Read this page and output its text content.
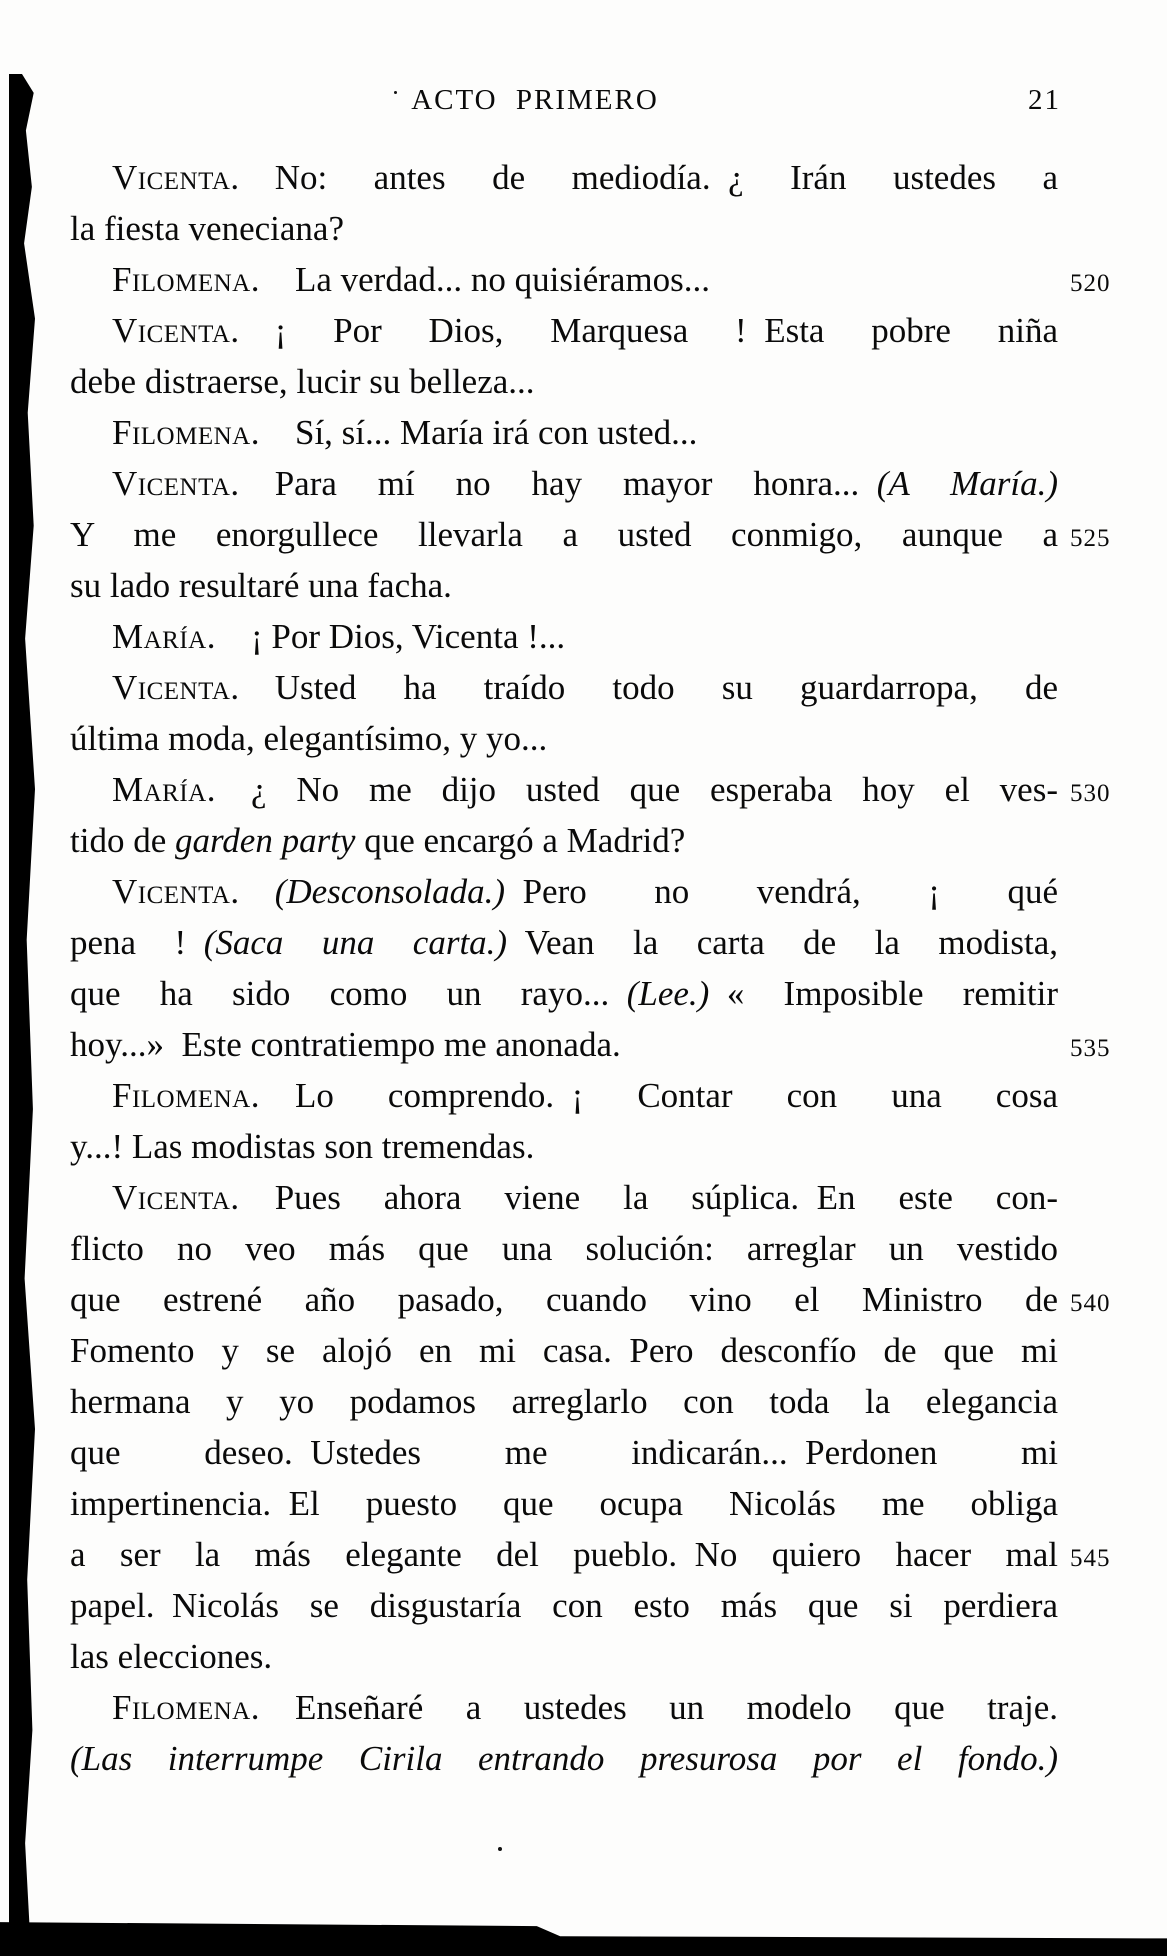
ACTO PRIMERO	21
Vicenta. No: antes de mediodía. ¿ Irán ustedes a
la fiesta veneciana?
Filomena. La verdad... no quisiéramos...	520
Vicenta. ¡ Por Dios, Marquesa ! Esta pobre niña
debe distraerse, lucir su belleza...
Filomena. Sí, sí... María irá con usted...
Vicenta. Para mí no hay mayor honra... (A María.)
Y me enorgullece llevarla a usted conmigo, aunque a 525
su lado resultaré una facha.
María. ¡ Por Dios, Vicenta !...
Vicenta. Usted ha traído todo su guardarropa, de
última moda, elegantísimo, y yo...
María. ¿ No me dijo usted que esperaba hoy el ves- 530
tido de garden party que encargó a Madrid?
Vicenta.  (Desconsolada.) Pero no vendrá, ¡ qué
pena ! (Saca una carta.) Vean la carta de la modista,
que ha sido como un rayo... (Lee.) « Imposible remitir
hoy...» Este contratiempo me anonada.	535
Filomena. Lo comprendo. ¡ Contar con una cosa
y...! Las modistas son tremendas.
Vicenta. Pues ahora viene la súplica. En este con-
flicto no veo más que una solución: arreglar un vestido
que estrené año pasado, cuando vino el Ministro de 540
Fomento y se alojó en mi casa. Pero desconfío de que mi
hermana y yo podamos arreglarlo con toda la elegancia
que deseo. Ustedes me indicarán... Perdonen mi
impertinencia. El puesto que ocupa Nicolás me obliga
a ser la más elegante del pueblo. No quiero hacer mal 545
papel. Nicolás se disgustaría con esto más que si perdiera
las elecciones.
Filomena. Enseñaré a ustedes un modelo que traje.
(Las interrumpe Cirila entrando presurosa por el fondo.)
